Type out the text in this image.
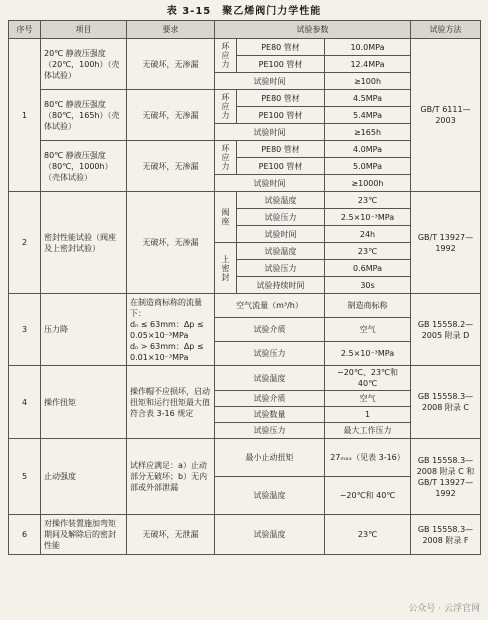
表 3-15　聚乙烯阀门力学性能
序号	项目	要求	试验参数			试验方法
1	20℃ 静液压强度（20℃，100h）（壳体试验）	无破坏，无渗漏	环应力	PE80 管材	10.0MPa	GB/T 6111—2003
				PE100 管材	12.4MPa	
			试验时间		≥100h	
	80℃ 静液压强度（80℃，165h）（壳体试验）	无破坏，无渗漏	环应力	PE80 管材	4.5MPa	
				PE100 管材	5.4MPa	
			试验时间		≥165h	
	80℃ 静液压强度（80℃，1000h）（壳体试验）	无破坏，无渗漏	环应力	PE80 管材	4.0MPa	
				PE100 管材	5.0MPa	
			试验时间		≥1000h	
2	密封性能试验（阀座及上密封试验）	无破坏，无渗漏	阀座	试验温度	23℃	GB/T 13927—1992
				试验压力	2.5×10⁻³MPa	
				试验时间	24h	

			上密封	试验温度	23℃	
				试验压力	0.6MPa	
				试验持续时间	30s	
3	压力降	在制造商标称的流量下：
dₙ ≤ 63mm：Δp ≤ 0.05×10⁻³MPa
dₙ > 63mm：Δp ≤ 0.01×10⁻³MPa	空气流量（m³/h）		制造商标称	GB 15558.2—2005 附录 D
			试验介质		空气	
			试验压力		2.5×10⁻³MPa	
4	操作扭矩	操作帽不应损坏，启动扭矩和运行扭矩最大值符合表 3-16 规定	试验温度		−20℃、23℃和 40℃	GB 15558.3—2008 附录 C
			试验介质		空气	
			试验数量		1	
			试验压力		最大工作压力	
5	止动强度	试样应满足：a）止动部分无破坏；b）无内部或外部泄漏	最小止动扭矩		27ₘₐₓ（见表 3-16）	GB 15558.3—2008 附录 C 和 GB/T 13927—1992
			试验温度		−20℃和 40℃	
6	对操作装置施加弯矩期间及解除后的密封性能	无破坏，无泄漏	试验温度		23℃	GB 15558.3—2008 附录 F
公众号 · 云浮官网
